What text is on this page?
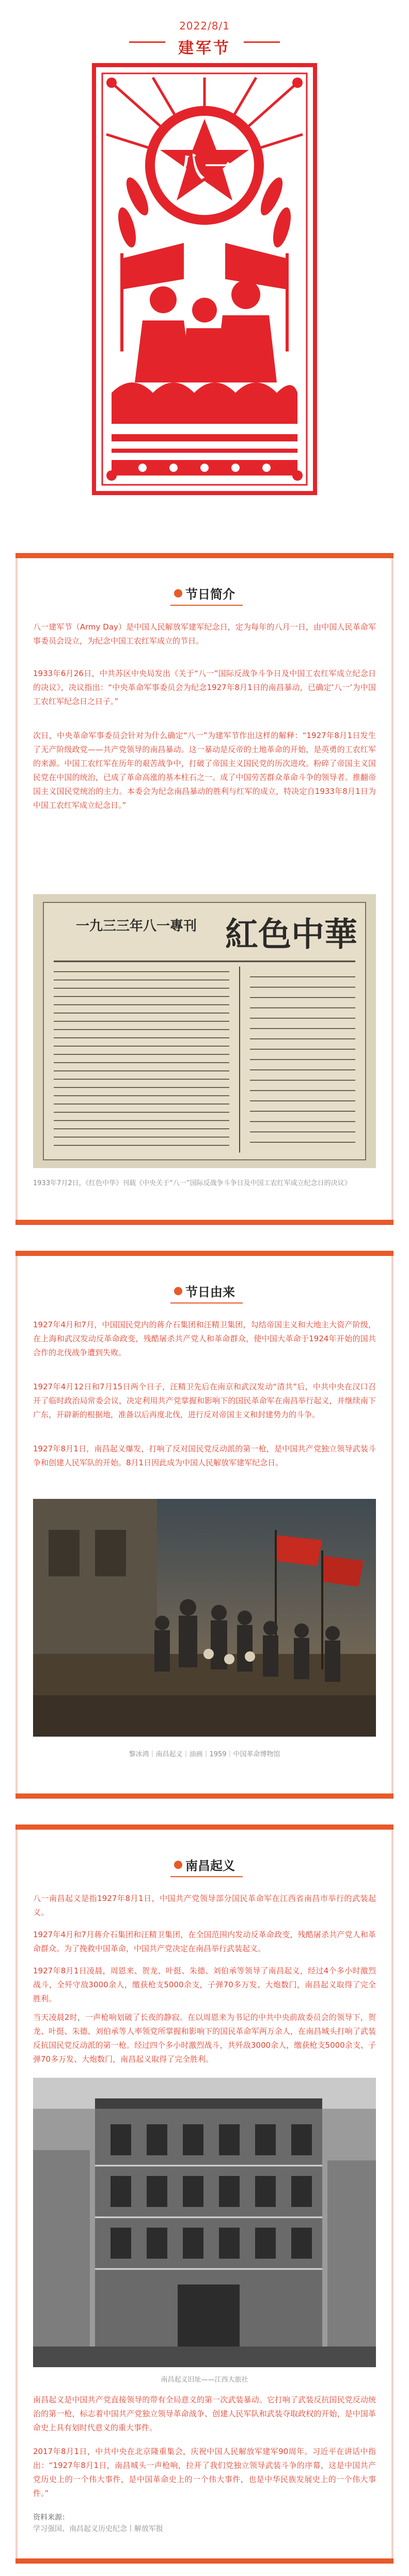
2022/8/1
建军节
八一
节日简介

八一建军节（Army Day）是中国人民解放军建军纪念日，定为每年的八月一日，由中国人民革命军事委员会设立，为纪念中国工农红军成立的节日。

1933年6月26日，中共苏区中央局发出《关于“八一”国际反战争斗争日及中国工农红军成立纪念日的决议》，决议指出：“中央革命军事委员会为纪念1927年8月1日的南昌暴动，已确定‘八一’为中国工农红军纪念日之日子。”

次日，中央革命军事委员会针对为什么确定“八一”为建军节作出这样的解释：“1927年8月1日发生了无产阶级政党——共产党领导的南昌暴动。这一暴动是反帝的土地革命的开始，是英勇的工农红军的来源。中国工农红军在历年的艰苦战争中，打破了帝国主义国民党的历次进攻。粉碎了帝国主义国民党在中国的统治，已成了革命高涨的基本柱石之一。成了中国劳苦群众革命斗争的领导者。推翻帝国主义国民党统治的主力。本委会为纪念南昌暴动的胜利与红军的成立，特决定自1933年8月1日为中国工农红军成立纪念日。”

紅色中華
一九三三年八一專刊

1933年7月2日，《红色中华》刊载《中央关于“八一”国际反战争斗争日及中国工农红军成立纪念日的决议》

节日由来

1927年4月和7月，中国国民党内的蒋介石集团和汪精卫集团，勾结帝国主义和大地主大资产阶级，在上海和武汉发动反革命政变，残酷屠杀共产党人和革命群众，使中国大革命于1924年开始的国共合作的北伐战争遭到失败。

1927年4月12日和7月15日两个日子，汪精卫先后在南京和武汉发动“清共”后，中共中央在汉口召开了临时政治局常委会议，决定利用共产党掌握和影响下的国民革命军在南昌举行起义，并继续南下广东，开辟新的根据地，准备以后再度北伐，进行反对帝国主义和封建势力的斗争。

1927年8月1日，南昌起义爆发，打响了反对国民党反动派的第一枪，是中国共产党独立领导武装斗争和创建人民军队的开始。8月1日因此成为中国人民解放军建军纪念日。

黎冰鸿｜南昌起义｜油画｜1959｜中国革命博物馆

南昌起义

八一南昌起义是指1927年8月1日，中国共产党领导部分国民革命军在江西省南昌市举行的武装起义。

1927年4月和7月蒋介石集团和汪精卫集团，在全国范围内发动反革命政变，残酷屠杀共产党人和革命群众。为了挽救中国革命，中国共产党决定在南昌举行武装起义。

1927年8月1日凌晨，周恩来、贺龙、叶挺、朱德、刘伯承等领导了南昌起义，经过4个多小时激烈战斗，全歼守敌3000余人，缴获枪支5000余支，子弹70多万发、大炮数门，南昌起义取得了完全胜利。

当天凌晨2时，一声枪响划破了长夜的静寂。在以周恩来为书记的中共中央前敌委员会的领导下，贺龙、叶挺、朱德、刘伯承等人率领党所掌握和影响下的国民革命军两万余人，在南昌城头打响了武装反抗国民党反动派的第一枪。经过四个多小时激烈战斗，共歼敌3000余人，缴获枪支5000余支、子弹70多万发、大炮数门，南昌起义取得了完全胜利。

南昌起义旧址——江西大旅社

南昌起义是中国共产党直接领导的带有全局意义的第一次武装暴动。它打响了武装反抗国民党反动统治的第一枪，标志着中国共产党独立领导革命战争、创建人民军队和武装夺取政权的开始，是中国革命史上具有划时代意义的重大事件。

2017年8月1日，中共中央在北京隆重集会，庆祝中国人民解放军建军90周年。习近平在讲话中指出：“1927年8月1日，南昌城头一声枪响，拉开了我们党独立领导武装斗争的序幕，这是中国共产党历史上的一个伟大事件，是中国革命史上的一个伟大事件，也是中华民族发展史上的一个伟大事件。”

资料来源：
学习强国、南昌起义历史纪念丨解放军报
